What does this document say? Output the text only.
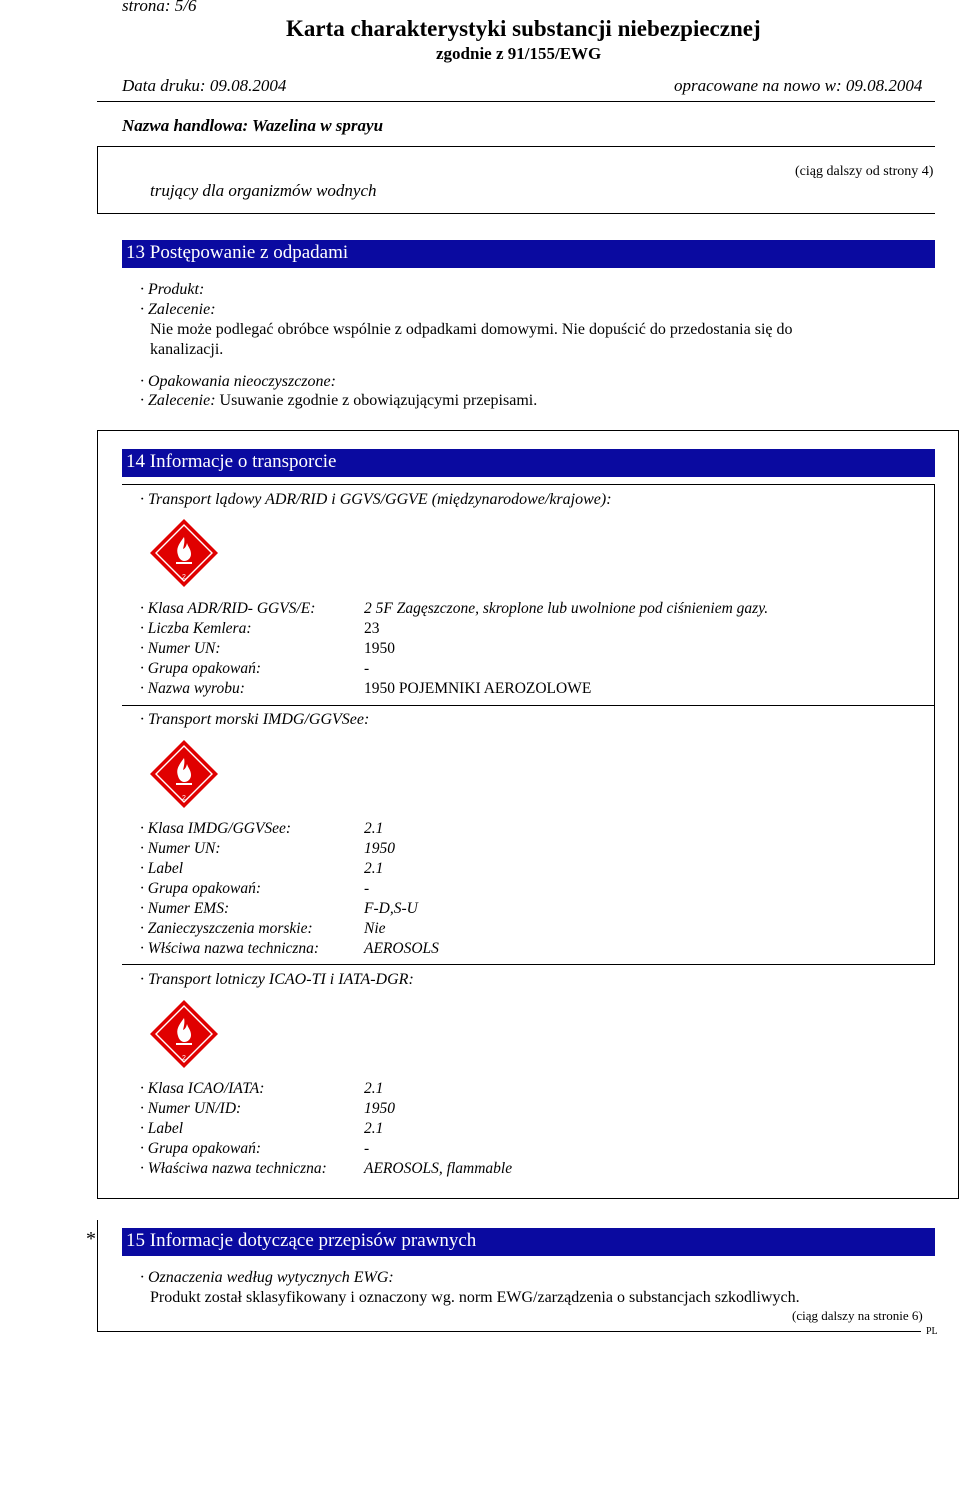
strona: 5/6
Karta charakterystyki substancji niebezpiecznej
zgodnie z 91/155/EWG
Data druku: 09.08.2004	opracowane na nowo w: 09.08.2004
Nazwa handlowa: Wazelina w sprayu
(ciąg dalszy od strony 4)
trujący dla organizmów wodnych
13 Postępowanie z odpadami
· Produkt:
· Zalecenie:
Nie może podlegać obróbce wspólnie z odpadkami domowymi. Nie dopuścić do przedostania się do
kanalizacji.
· Opakowania nieoczyszczone:
· Zalecenie: Usuwanie zgodnie z obowiązującymi przepisami.
14 Informacje o transporcie
· Transport lądowy ADR/RID i GGVS/GGVE (międzynarodowe/krajowe):
2
· Klasa ADR/RID- GGVS/E:	2 5F Zagęszczone, skroplone lub uwolnione pod ciśnieniem gazy.
· Liczba Kemlera:	23
· Numer UN:	1950
· Grupa opakowań:	-
· Nazwa wyrobu:	1950 POJEMNIKI AEROZOLOWE
· Transport morski IMDG/GGVSee:
2
· Klasa IMDG/GGVSee:	2.1
· Numer UN:	1950
· Label	2.1
· Grupa opakowań:	-
· Numer EMS:	F-D,S-U
· Zanieczyszczenia morskie:	Nie
· Włściwa nazwa techniczna:	AEROSOLS
· Transport lotniczy ICAO-TI i IATA-DGR:
2
· Klasa ICAO/IATA:	2.1
· Numer UN/ID:	1950
· Label	2.1
· Grupa opakowań:	-
· Właściwa nazwa techniczna: AEROSOLS, flammable
* 15 Informacje dotyczące przepisów prawnych
· Oznaczenia według wytycznych EWG:
Produkt został sklasyfikowany i oznaczony wg. norm EWG/zarządzenia o substancjach szkodliwych.
(ciąg dalszy na stronie 6)
PL
